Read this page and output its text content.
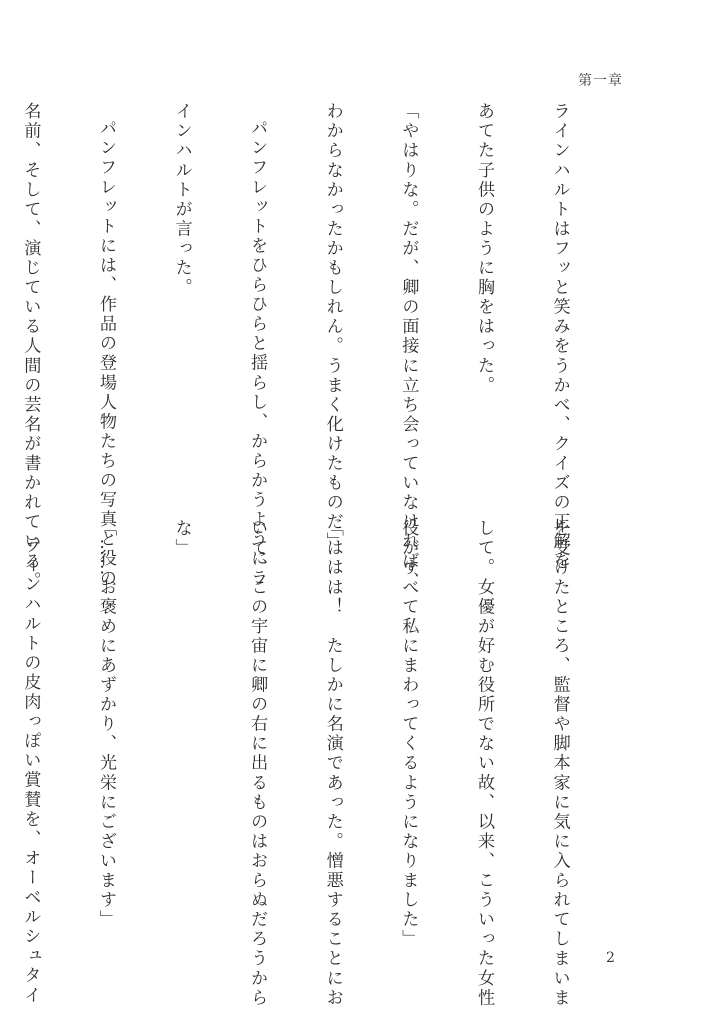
第一章

ラインハルトはフッと笑みをうかべ、クイズの正解を

あてた子供のように胸をはった。

「やはりな。だが、卿の面接に立ち会っていなければ、

わからなかったかもしれん。うまく化けたものだ」

パンフレットをひらひらと揺らし、からかうようにラ

インハルトが言った。

パンフレットには、作品の登場人物たちの写真と役の

名前、そして、演じている人間の芸名が書かれている。

を受けたところ、監督や脚本家に気に入られてしまいま

して。女優が好む役所でない故、以来、こういった女性

役がすべて私にまわってくるようになりました」

「ははは！　たしかに名演であった。憎悪することにお

いて、この宇宙に卿の右に出るものはおらぬだろうから

な」

「……お褒めにあずかり、光栄にございます」

ラインハルトの皮肉っぽい賞賛を、オーベルシュタイ

	2
